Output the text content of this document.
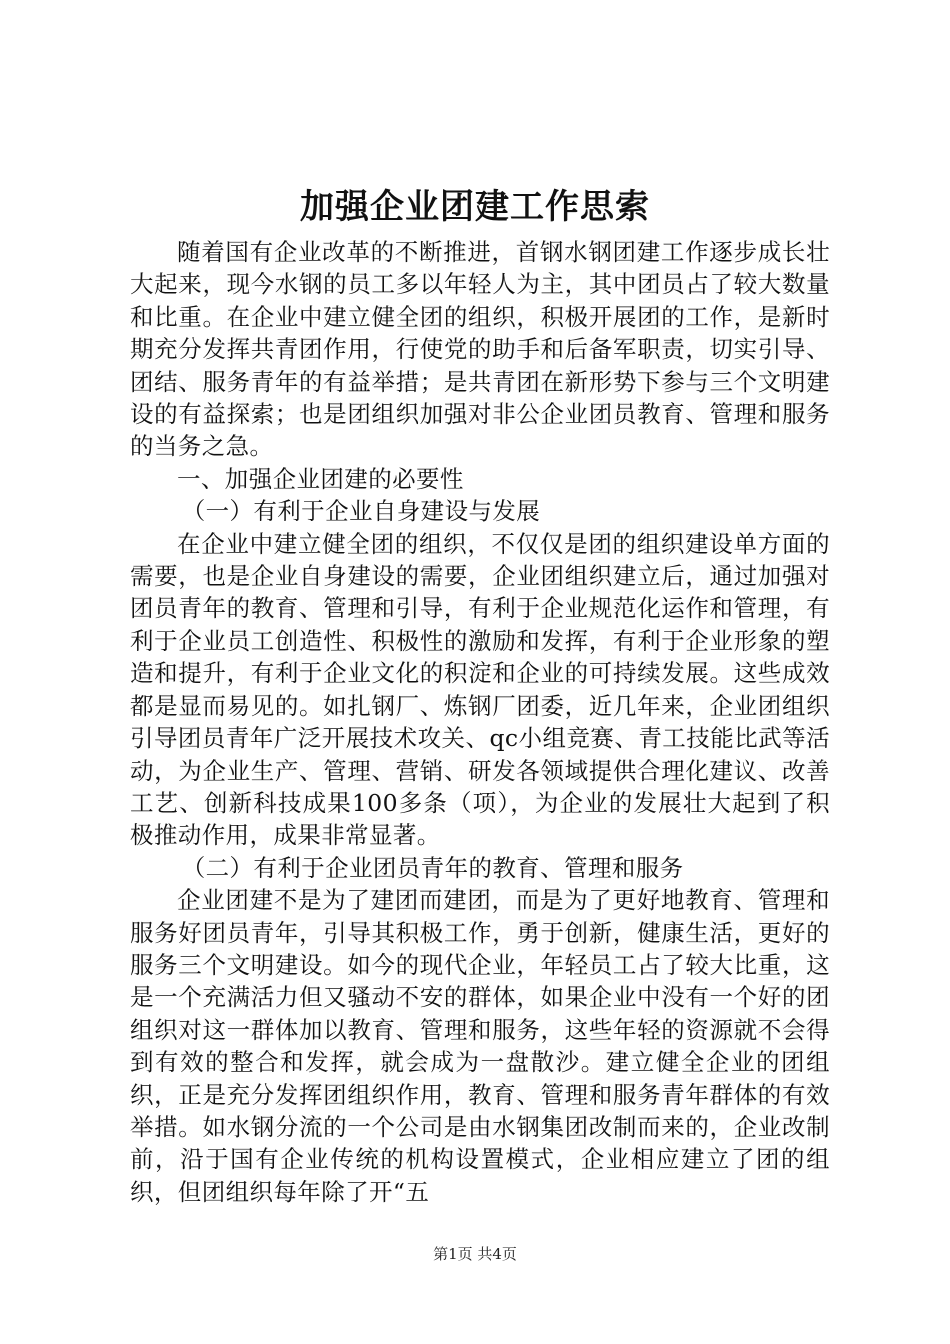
加强企业团建工作思索

随着国有企业改革的不断推进，首钢水钢团建工作逐步成长壮大起来，现今水钢的员工多以年轻人为主，其中团员占了较大数量和比重。在企业中建立健全团的组织，积极开展团的工作，是新时期充分发挥共青团作用，行使党的助手和后备军职责，切实引导、团结、服务青年的有益举措；是共青团在新形势下参与三个文明建设的有益探索；也是团组织加强对非公企业团员教育、管理和服务的当务之急。

一、加强企业团建的必要性

（一）有利于企业自身建设与发展

在企业中建立健全团的组织，不仅仅是团的组织建设单方面的需要，也是企业自身建设的需要，企业团组织建立后，通过加强对团员青年的教育、管理和引导，有利于企业规范化运作和管理，有利于企业员工创造性、积极性的激励和发挥，有利于企业形象的塑造和提升，有利于企业文化的积淀和企业的可持续发展。这些成效都是显而易见的。如扎钢厂、炼钢厂团委，近几年来，企业团组织引导团员青年广泛开展技术攻关、qc小组竞赛、青工技能比武等活动，为企业生产、管理、营销、研发各领域提供合理化建议、改善工艺、创新科技成果100多条（项），为企业的发展壮大起到了积极推动作用，成果非常显著。

（二）有利于企业团员青年的教育、管理和服务

企业团建不是为了建团而建团，而是为了更好地教育、管理和服务好团员青年，引导其积极工作，勇于创新，健康生活，更好的服务三个文明建设。如今的现代企业，年轻员工占了较大比重，这是一个充满活力但又骚动不安的群体，如果企业中没有一个好的团组织对这一群体加以教育、管理和服务，这些年轻的资源就不会得到有效的整合和发挥，就会成为一盘散沙。建立健全企业的团组织，正是充分发挥团组织作用，教育、管理和服务青年群体的有效举措。如水钢分流的一个公司是由水钢集团改制而来的，企业改制前，沿于国有企业传统的机构设置模式，企业相应建立了团的组织，但团组织每年除了开“五

第1页 共4页
